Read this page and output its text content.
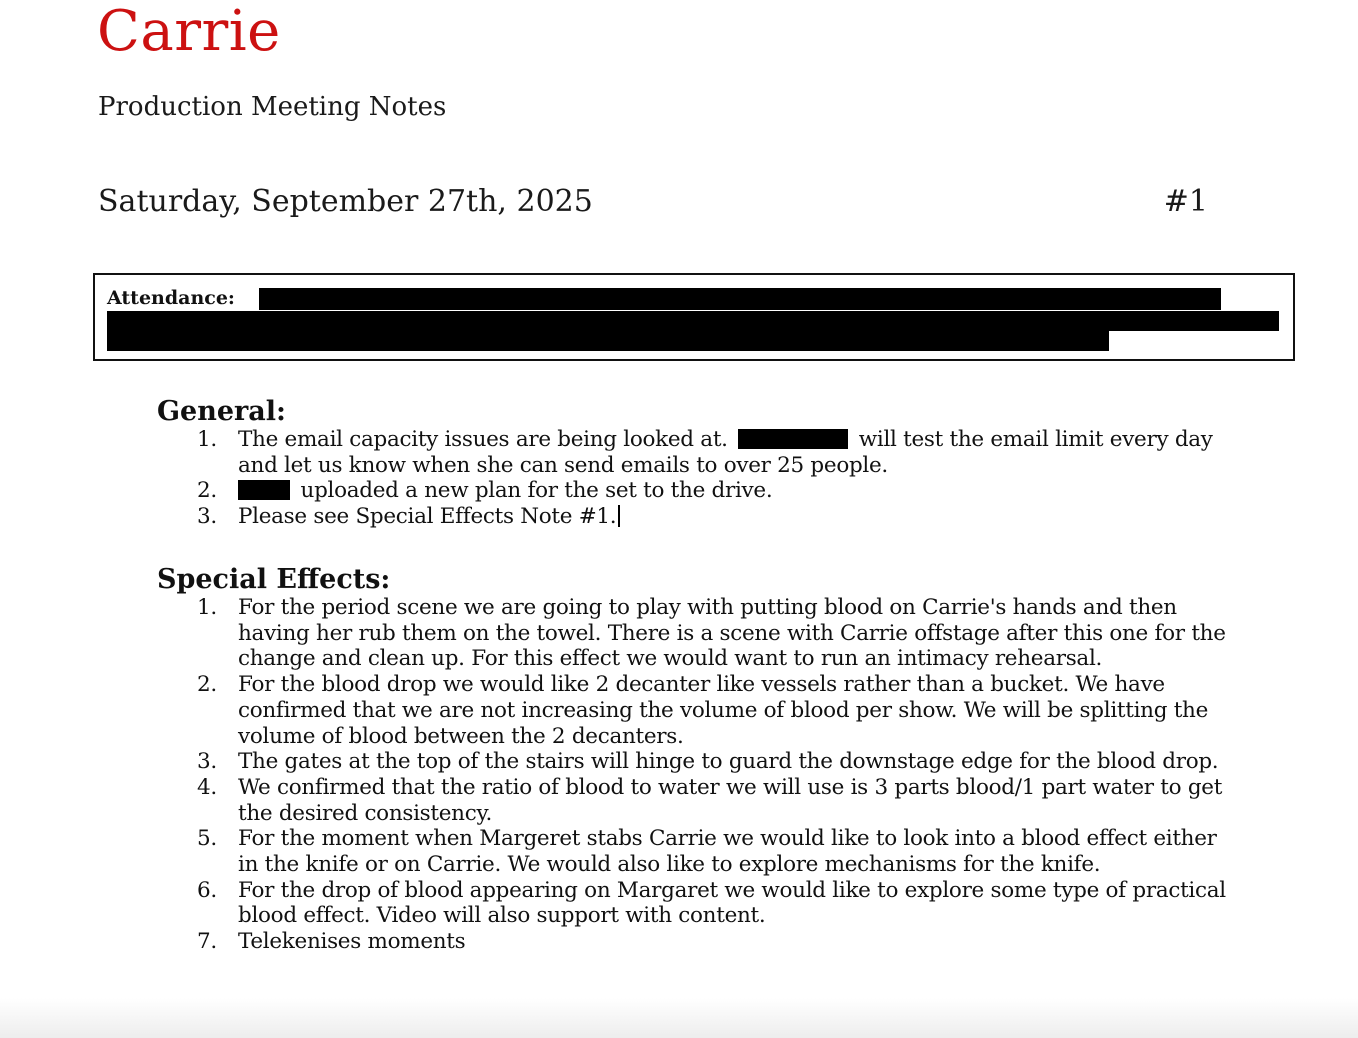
Carrie
Production Meeting Notes
Saturday, September 27th, 2025	#1
Attendance:
General:
1. The email capacity issues are being looked at.	will test the email limit every day and let us know when she can send emails to over 25 people.
2.	uploaded a new plan for the set to the drive.
3. Please see Special Effects Note #1.
Special Effects:
1. For the period scene we are going to play with putting blood on Carrie's hands and then having her rub them on the towel. There is a scene with Carrie offstage after this one for the change and clean up. For this effect we would want to run an intimacy rehearsal.
2. For the blood drop we would like 2 decanter like vessels rather than a bucket. We have confirmed that we are not increasing the volume of blood per show. We will be splitting the volume of blood between the 2 decanters.
3. The gates at the top of the stairs will hinge to guard the downstage edge for the blood drop.
4. We confirmed that the ratio of blood to water we will use is 3 parts blood/1 part water to get the desired consistency.
5. For the moment when Margeret stabs Carrie we would like to look into a blood effect either in the knife or on Carrie. We would also like to explore mechanisms for the knife.
6. For the drop of blood appearing on Margaret we would like to explore some type of practical blood effect. Video will also support with content.
7. Telekenises moments
